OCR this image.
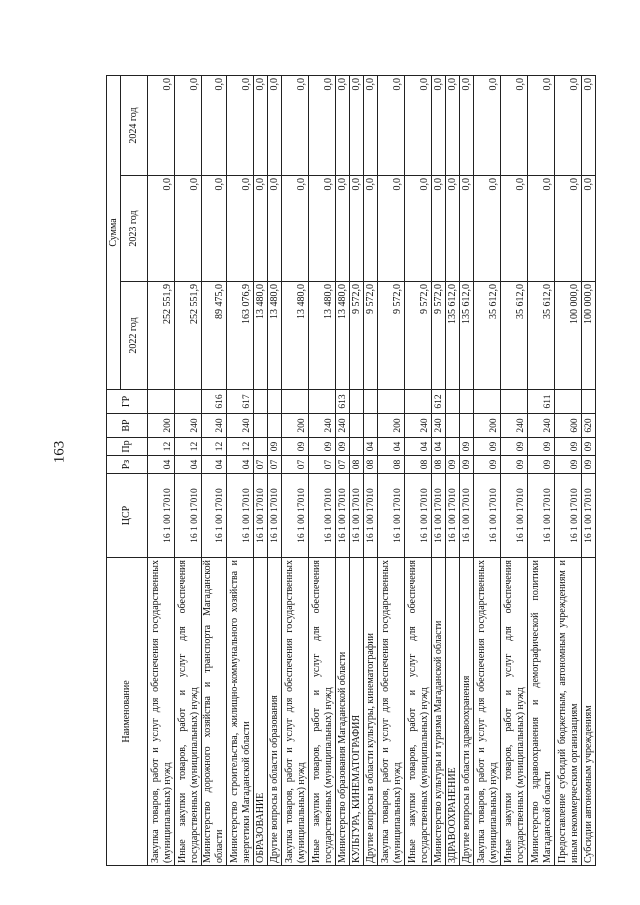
163
Наименование	ЦСР	Рз	Пр	ВР	ГР	Сумма		
						2022 год	2023 год	2024 год
Закупка товаров, работ и услуг для обеспечения государственных (муниципальных) нужд	16 1 00 17010	04	12	200		252 551,9	0,0	0,0
Иные закупки товаров, работ и услуг для обеспечения государственных (муниципальных) нужд	16 1 00 17010	04	12	240		252 551,9	0,0	0,0
Министерство дорожного хозяйства и транспорта Магаданской области	16 1 00 17010	04	12	240	616	89 475,0	0,0	0,0
Министерство строительства, жилищно-коммунального хозяйства и энергетики Магаданской области	16 1 00 17010	04	12	240	617	163 076,9	0,0	0,0
ОБРАЗОВАНИЕ	16 1 00 17010	07				13 480,0	0,0	0,0
Другие вопросы в области образования	16 1 00 17010	07	09			13 480,0	0,0	0,0
Закупка товаров, работ и услуг для обеспечения государственных (муниципальных) нужд	16 1 00 17010	07	09	200		13 480,0	0,0	0,0
Иные закупки товаров, работ и услуг для обеспечения государственных (муниципальных) нужд	16 1 00 17010	07	09	240		13 480,0	0,0	0,0
Министерство образования Магаданской области	16 1 00 17010	07	09	240	613	13 480,0	0,0	0,0
КУЛЬТУРА, КИНЕМАТОГРАФИЯ	16 1 00 17010	08				9 572,0	0,0	0,0
Другие вопросы в области культуры, кинематографии	16 1 00 17010	08	04			9 572,0	0,0	0,0
Закупка товаров, работ и услуг для обеспечения государственных (муниципальных) нужд	16 1 00 17010	08	04	200		9 572,0	0,0	0,0
Иные закупки товаров, работ и услуг для обеспечения государственных (муниципальных) нужд	16 1 00 17010	08	04	240		9 572,0	0,0	0,0
Министерство культуры и туризма Магаданской области	16 1 00 17010	08	04	240	612	9 572,0	0,0	0,0
ЗДРАВООХРАНЕНИЕ	16 1 00 17010	09				135 612,0	0,0	0,0
Другие вопросы в области здравоохранения	16 1 00 17010	09	09			135 612,0	0,0	0,0
Закупка товаров, работ и услуг для обеспечения государственных (муниципальных) нужд	16 1 00 17010	09	09	200		35 612,0	0,0	0,0
Иные закупки товаров, работ и услуг для обеспечения государственных (муниципальных) нужд	16 1 00 17010	09	09	240		35 612,0	0,0	0,0
Министерство здравоохранения и демографической политики Магаданской области	16 1 00 17010	09	09	240	611	35 612,0	0,0	0,0
Предоставление субсидий бюджетным, автономным учреждениям и иным некоммерческим организациям	16 1 00 17010	09	09	600		100 000,0	0,0	0,0
Субсидии автономным учреждениям	16 1 00 17010	09	09	620		100 000,0	0,0	0,0
